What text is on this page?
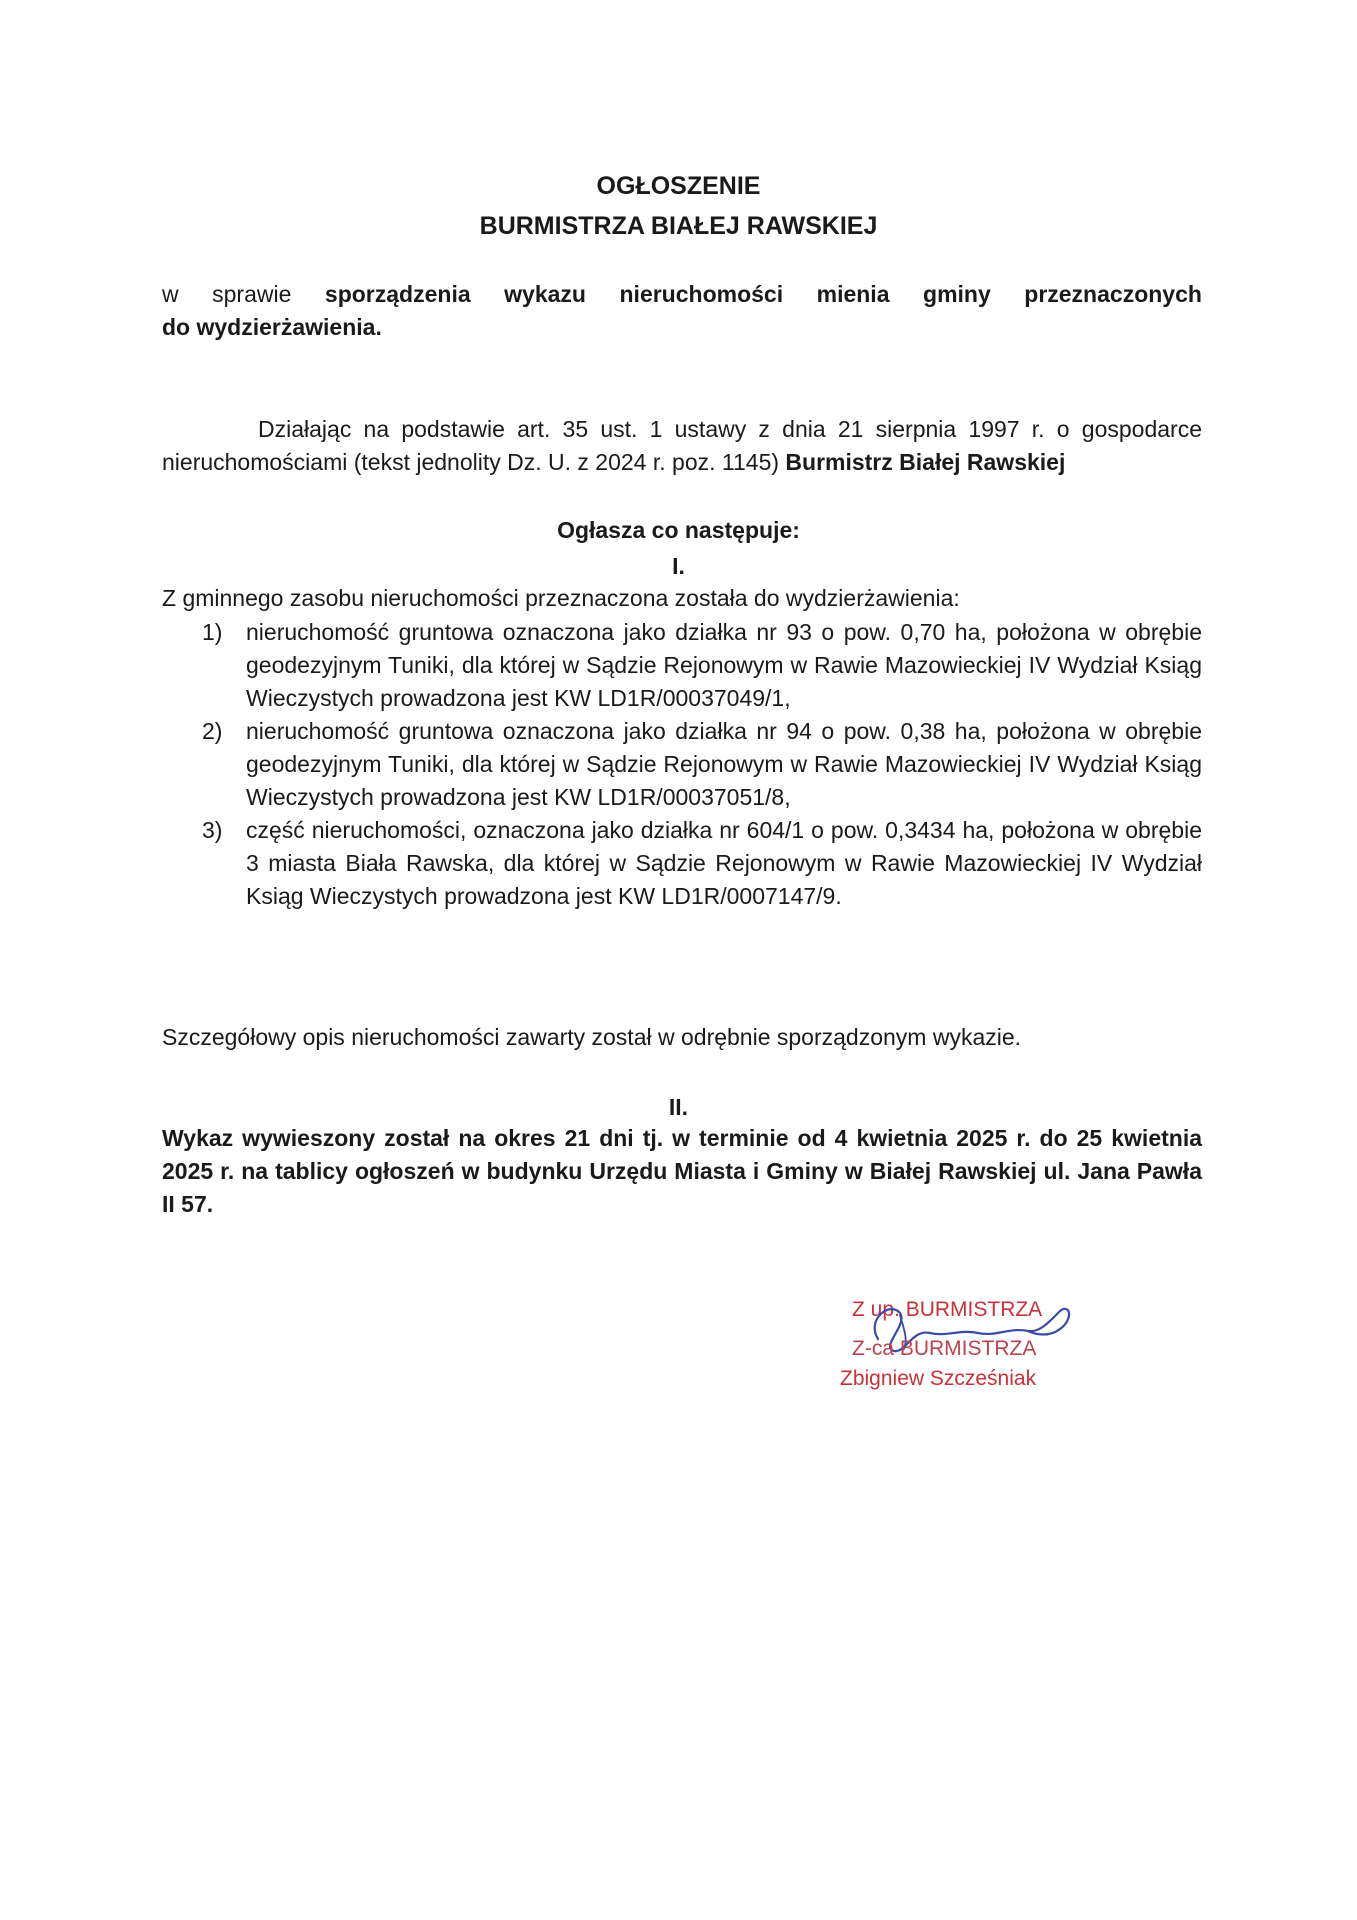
OGŁOSZENIE
BURMISTRZA BIAŁEJ RAWSKIEJ
w sprawie sporządzenia wykazu nieruchomości mienia gminy przeznaczonych
do wydzierżawienia.
Działając na podstawie art. 35 ust. 1 ustawy z dnia 21 sierpnia 1997 r. o gospodarce nieruchomościami (tekst jednolity Dz. U. z 2024 r. poz. 1145) Burmistrz Białej Rawskiej
Ogłasza co następuje:
I.
Z gminnego zasobu nieruchomości przeznaczona została do wydzierżawienia:
1) nieruchomość gruntowa oznaczona jako działka nr 93 o pow. 0,70 ha, położona w obrębie geodezyjnym Tuniki, dla której w Sądzie Rejonowym w Rawie Mazowieckiej IV Wydział Ksiąg Wieczystych prowadzona jest KW LD1R/00037049/1,
2) nieruchomość gruntowa oznaczona jako działka nr 94 o pow. 0,38 ha, położona w obrębie geodezyjnym Tuniki, dla której w Sądzie Rejonowym w Rawie Mazowieckiej IV Wydział Ksiąg Wieczystych prowadzona jest KW LD1R/00037051/8,
3) część nieruchomości, oznaczona jako działka nr 604/1 o pow. 0,3434 ha, położona w obrębie 3 miasta Biała Rawska, dla której w Sądzie Rejonowym w Rawie Mazowieckiej IV Wydział Ksiąg Wieczystych prowadzona jest KW LD1R/0007147/9.
Szczegółowy opis nieruchomości zawarty został w odrębnie sporządzonym wykazie.
II.
Wykaz wywieszony został na okres 21 dni tj. w terminie od 4 kwietnia 2025 r. do 25 kwietnia 2025 r. na tablicy ogłoszeń w budynku Urzędu Miasta i Gminy w Białej Rawskiej ul. Jana Pawła II 57.
Z up. BURMISTRZA
Z-ca BURMISTRZA
Zbigniew Szcześniak
